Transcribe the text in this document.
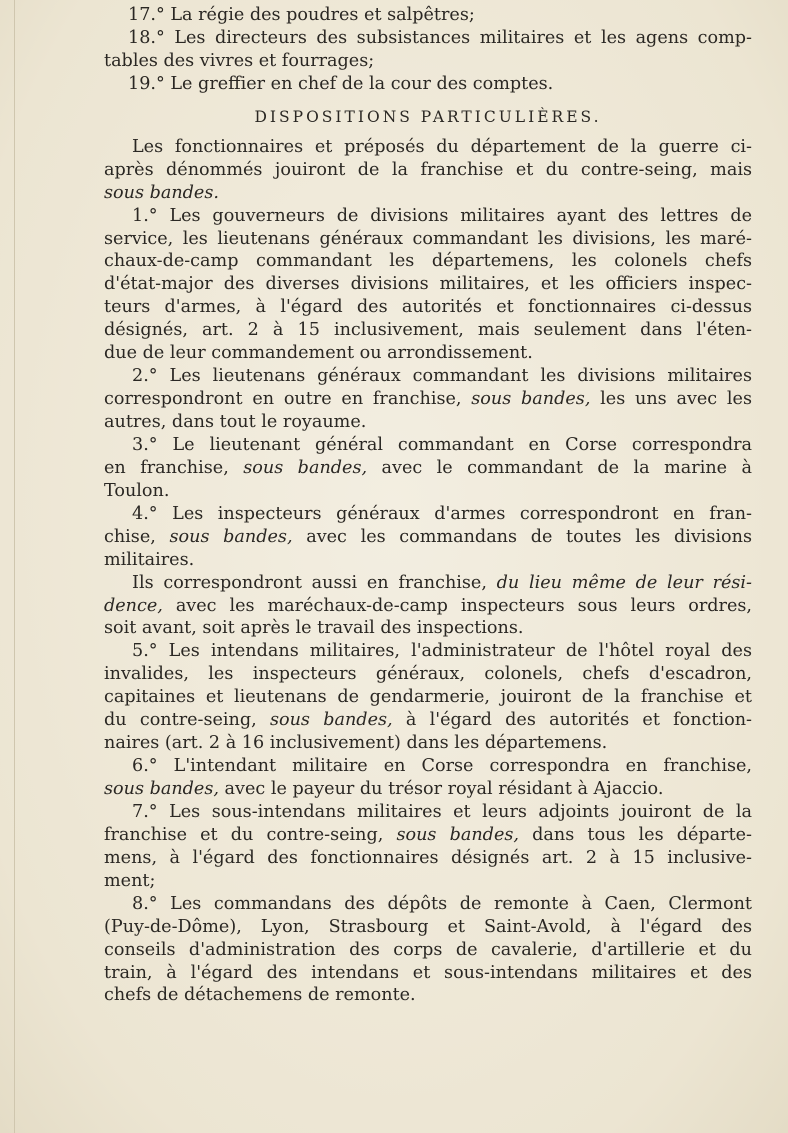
17.° La régie des poudres et salpêtres;
18.° Les directeurs des subsistances militaires et les agens comp-
tables des vivres et fourrages;
19.° Le greffier en chef de la cour des comptes.
DISPOSITIONS PARTICULIÈRES.
Les fonctionnaires et préposés du département de la guerre ci-
après dénommés jouiront de la franchise et du contre-seing, mais
sous bandes.
1.° Les gouverneurs de divisions militaires ayant des lettres de
service, les lieutenans généraux commandant les divisions, les maré-
chaux-de-camp commandant les départemens, les colonels chefs
d'état-major des diverses divisions militaires, et les officiers inspec-
teurs d'armes, à l'égard des autorités et fonctionnaires ci-dessus
désignés, art. 2 à 15 inclusivement, mais seulement dans l'éten-
due de leur commandement ou arrondissement.
2.° Les lieutenans généraux commandant les divisions militaires
correspondront en outre en franchise, sous bandes, les uns avec les
autres, dans tout le royaume.
3.° Le lieutenant général commandant en Corse correspondra
en franchise, sous bandes, avec le commandant de la marine à
Toulon.
4.° Les inspecteurs généraux d'armes correspondront en fran-
chise, sous bandes, avec les commandans de toutes les divisions
militaires.
Ils correspondront aussi en franchise, du lieu même de leur rési-
dence, avec les maréchaux-de-camp inspecteurs sous leurs ordres,
soit avant, soit après le travail des inspections.
5.° Les intendans militaires, l'administrateur de l'hôtel royal des
invalides, les inspecteurs généraux, colonels, chefs d'escadron,
capitaines et lieutenans de gendarmerie, jouiront de la franchise et
du contre-seing, sous bandes, à l'égard des autorités et fonction-
naires (art. 2 à 16 inclusivement) dans les départemens.
6.° L'intendant militaire en Corse correspondra en franchise,
sous bandes, avec le payeur du trésor royal résidant à Ajaccio.
7.° Les sous-intendans militaires et leurs adjoints jouiront de la
franchise et du contre-seing, sous bandes, dans tous les départe-
mens, à l'égard des fonctionnaires désignés art. 2 à 15 inclusive-
ment;
8.° Les commandans des dépôts de remonte à Caen, Clermont
(Puy-de-Dôme), Lyon, Strasbourg et Saint-Avold, à l'égard des
conseils d'administration des corps de cavalerie, d'artillerie et du
train, à l'égard des intendans et sous-intendans militaires et des
chefs de détachemens de remonte.
